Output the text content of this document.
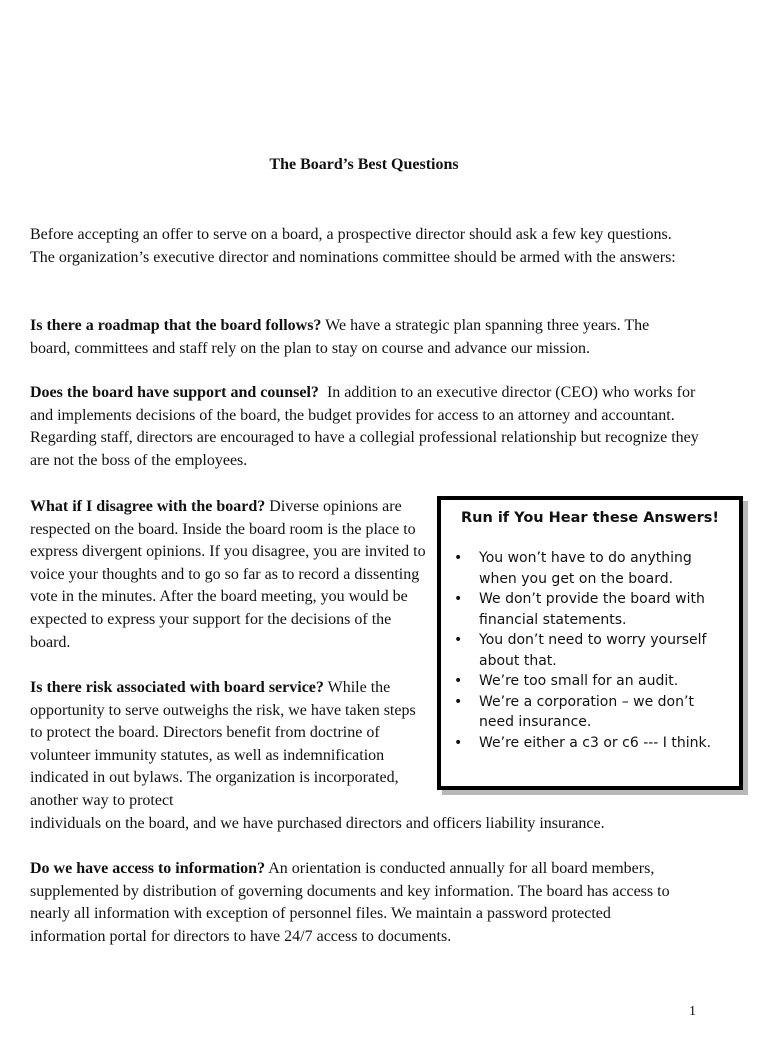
The Board’s Best Questions

Before accepting an offer to serve on a board, a prospective director should ask a few key questions. The organization’s executive director and nominations committee should be armed with the answers:

Is there a roadmap that the board follows? We have a strategic plan spanning three years. The board, committees and staff rely on the plan to stay on course and advance our mission.

Does the board have support and counsel? In addition to an executive director (CEO) who works for and implements decisions of the board, the budget provides for access to an attorney and accountant. Regarding staff, directors are encouraged to have a collegial professional relationship but recognize they are not the boss of the employees.

What if I disagree with the board? Diverse opinions are respected on the board. Inside the board room is the place to express divergent opinions. If you disagree, you are invited to voice your thoughts and to go so far as to record a dissenting vote in the minutes. After the board meeting, you would be expected to express your support for the decisions of the board.

Is there risk associated with board service? While the opportunity to serve outweighs the risk, we have taken steps to protect the board. Directors benefit from doctrine of volunteer immunity statutes, as well as indemnification indicated in out bylaws. The organization is incorporated, another way to protect

individuals on the board, and we have purchased directors and officers liability insurance.

Do we have access to information? An orientation is conducted annually for all board members, supplemented by distribution of governing documents and key information. The board has access to nearly all information with exception of personnel files. We maintain a password protected information portal for directors to have 24/7 access to documents.

Run if You Hear these Answers!
• You won’t have to do anything when you get on the board.
• We don’t provide the board with financial statements.
• You don’t need to worry yourself about that.
• We’re too small for an audit.
• We’re a corporation – we don’t need insurance.
• We’re either a c3 or c6 --- I think.
1
